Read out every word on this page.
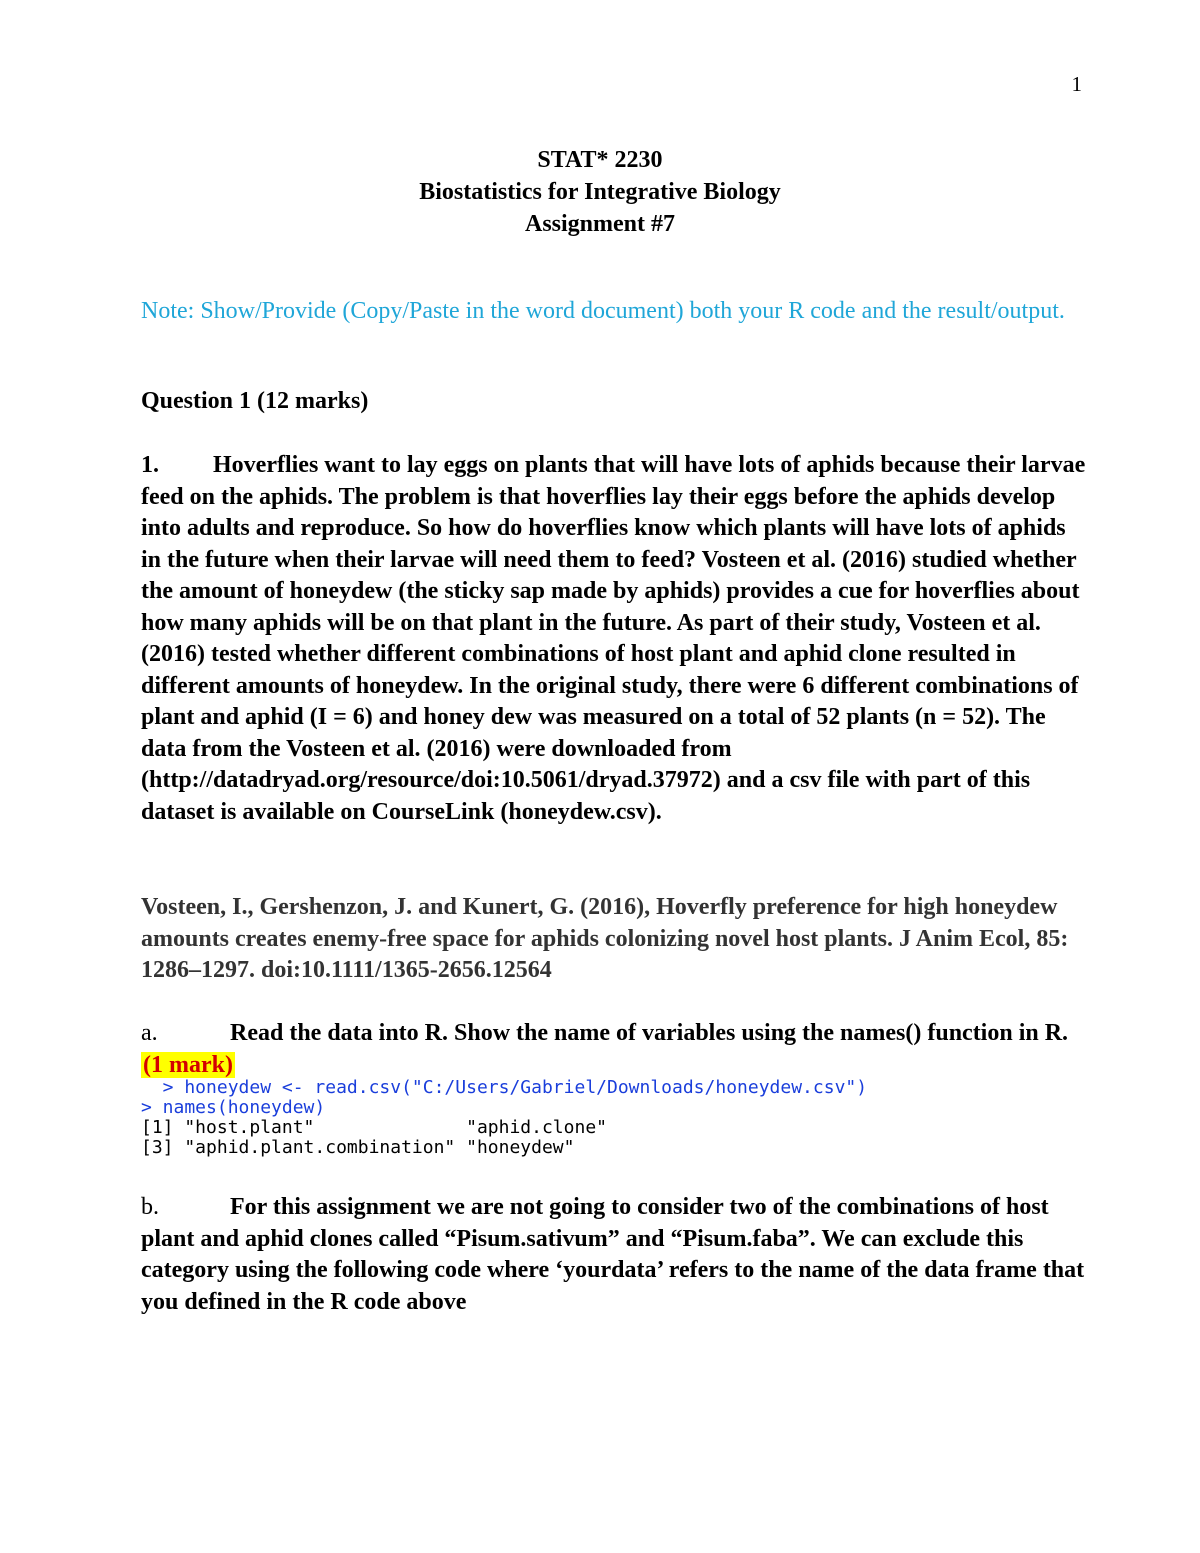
1
STAT* 2230
Biostatistics for Integrative Biology
Assignment #7
Note: Show/Provide (Copy/Paste in the word document) both your R code and the result/output.
Question 1 (12 marks)
1. Hoverflies want to lay eggs on plants that will have lots of aphids because their larvae feed on the aphids. The problem is that hoverflies lay their eggs before the aphids develop into adults and reproduce. So how do hoverflies know which plants will have lots of aphids in the future when their larvae will need them to feed? Vosteen et al. (2016) studied whether the amount of honeydew (the sticky sap made by aphids) provides a cue for hoverflies about how many aphids will be on that plant in the future. As part of their study, Vosteen et al. (2016) tested whether different combinations of host plant and aphid clone resulted in different amounts of honeydew. In the original study, there were 6 different combinations of plant and aphid (I = 6) and honey dew was measured on a total of 52 plants (n = 52). The data from the Vosteen et al. (2016) were downloaded from (http://datadryad.org/resource/doi:10.5061/dryad.37972) and a csv file with part of this dataset is available on CourseLink (honeydew.csv).
Vosteen, I., Gershenzon, J. and Kunert, G. (2016), Hoverfly preference for high honeydew amounts creates enemy-free space for aphids colonizing novel host plants. J Anim Ecol, 85: 1286–1297. doi:10.1111/1365-2656.12564
a.	Read the data into R. Show the name of variables using the names() function in R.  (1 mark)
> honeydew <- read.csv("C:/Users/Gabriel/Downloads/honeydew.csv")
> names(honeydew)
[1] "host.plant"              "aphid.clone"
[3] "aphid.plant.combination" "honeydew"
b.	For this assignment we are not going to consider two of the combinations of host plant and aphid clones called “Pisum.sativum” and “Pisum.faba”. We can exclude this category using the following code where ‘yourdata’ refers to the name of the data frame that you defined in the R code above
